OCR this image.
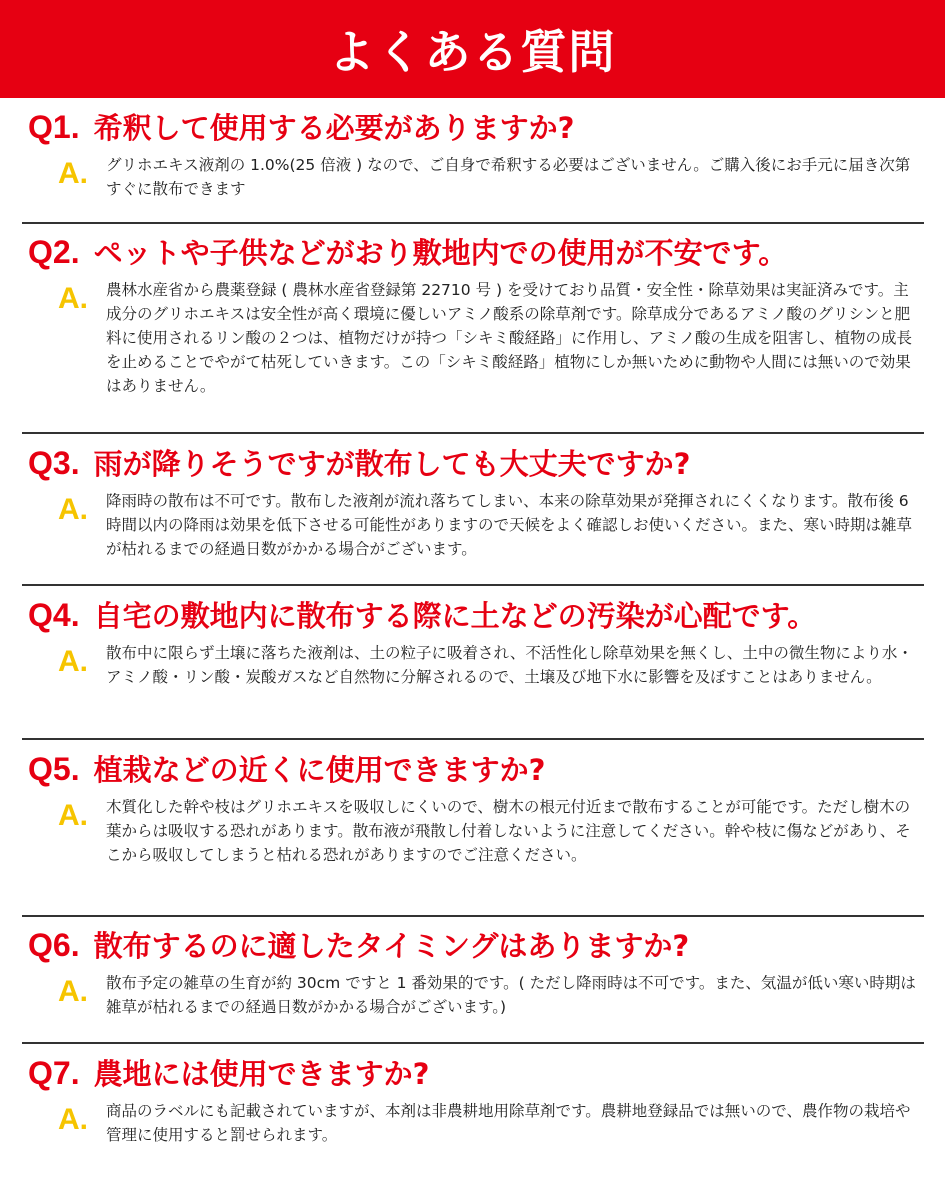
よくある質問
Q1. 希釈して使用する必要がありますか?
A.	グリホエキス液剤の 1.0%(25 倍液 ) なので、ご自身で希釈する必要はございません。ご購入後にお手元に届き次第すぐに散布できます
Q2. ペットや子供などがおり敷地内での使用が不安です。
A.	農林水産省から農薬登録 ( 農林水産省登録第 22710 号 ) を受けており品質・安全性・除草効果は実証済みです。主成分のグリホエキスは安全性が高く環境に優しいアミノ酸系の除草剤です。除草成分であるアミノ酸のグリシンと肥料に使用されるリン酸の２つは、植物だけが持つ「シキミ酸経路」に作用し、アミノ酸の生成を阻害し、植物の成長を止めることでやがて枯死していきます。この「シキミ酸経路」植物にしか無いために動物や人間には無いので効果はありません。
Q3. 雨が降りそうですが散布しても大丈夫ですか?
A.	降雨時の散布は不可です。散布した液剤が流れ落ちてしまい、本来の除草効果が発揮されにくくなります。散布後 6 時間以内の降雨は効果を低下させる可能性がありますので天候をよく確認しお使いください。また、寒い時期は雑草が枯れるまでの経過日数がかかる場合がございます。
Q4. 自宅の敷地内に散布する際に土などの汚染が心配です。
A.	散布中に限らず土壌に落ちた液剤は、土の粒子に吸着され、不活性化し除草効果を無くし、土中の微生物により水・アミノ酸・リン酸・炭酸ガスなど自然物に分解されるので、土壌及び地下水に影響を及ぼすことはありません。
Q5. 植栽などの近くに使用できますか?
A.	木質化した幹や枝はグリホエキスを吸収しにくいので、樹木の根元付近まで散布することが可能です。ただし樹木の葉からは吸収する恐れがあります。散布液が飛散し付着しないように注意してください。幹や枝に傷などがあり、そこから吸収してしまうと枯れる恐れがありますのでご注意ください。
Q6. 散布するのに適したタイミングはありますか?
A.	散布予定の雑草の生育が約 30cm ですと 1 番効果的です。( ただし降雨時は不可です。また、気温が低い寒い時期は雑草が枯れるまでの経過日数がかかる場合がございます。)
Q7. 農地には使用できますか?
A.	商品のラベルにも記載されていますが、本剤は非農耕地用除草剤です。農耕地登録品では無いので、農作物の栽培や管理に使用すると罰せられます。
